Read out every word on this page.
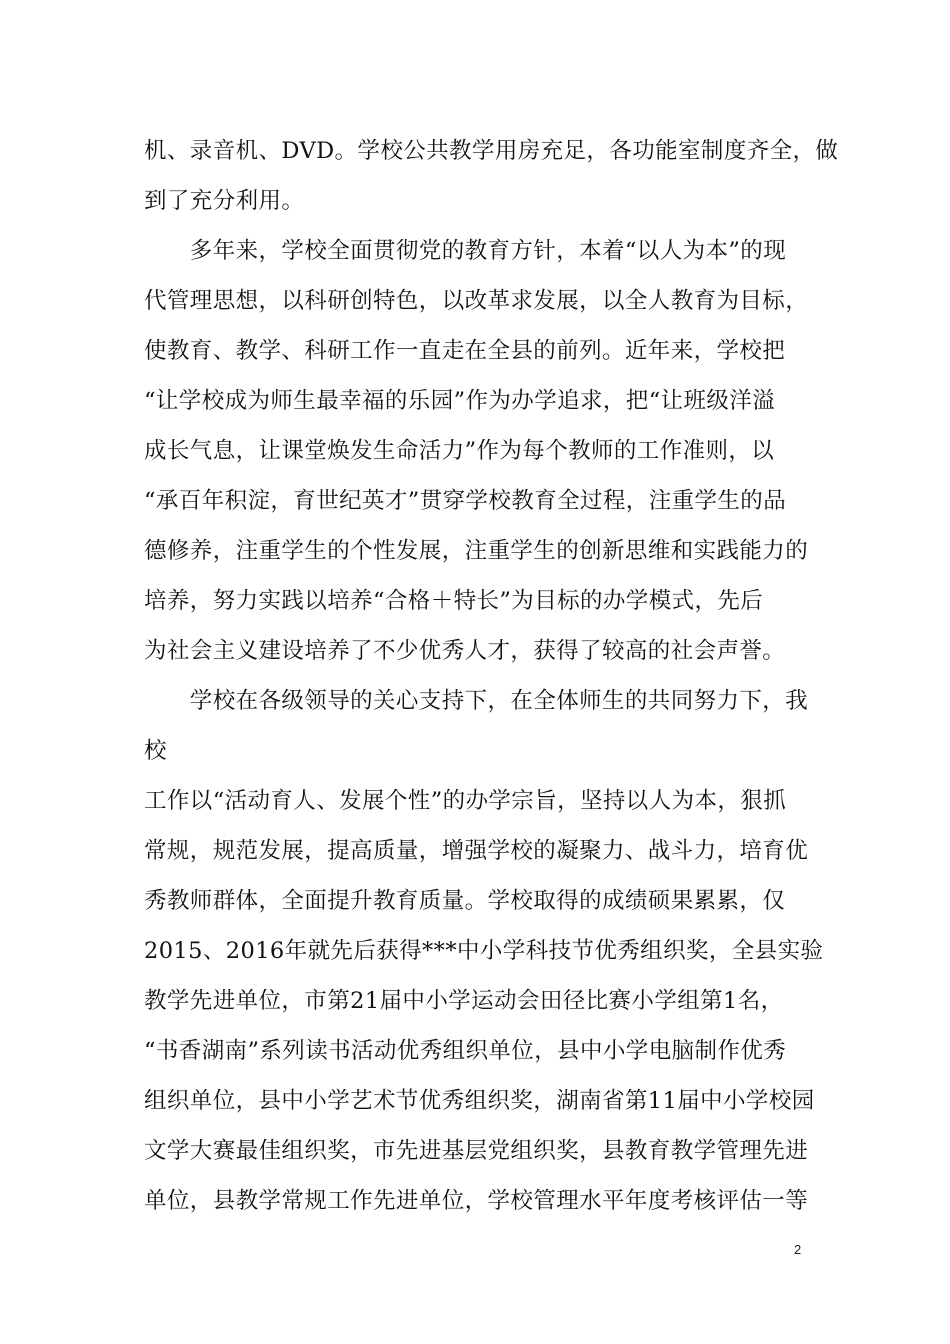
机、录音机、DVD。学校公共教学用房充足，各功能室制度齐全，做
到了充分利用。
　　多年来，学校全面贯彻党的教育方针，本着“以人为本”的现
代管理思想，以科研创特色，以改革求发展，以全人教育为目标，
使教育、教学、科研工作一直走在全县的前列。近年来，学校把
“让学校成为师生最幸福的乐园”作为办学追求，把“让班级洋溢
成长气息，让课堂焕发生命活力”作为每个教师的工作准则，以
“承百年积淀，育世纪英才”贯穿学校教育全过程，注重学生的品
德修养，注重学生的个性发展，注重学生的创新思维和实践能力的
培养，努力实践以培养“合格＋特长”为目标的办学模式，先后
为社会主义建设培养了不少优秀人才，获得了较高的社会声誉。
　　学校在各级领导的关心支持下，在全体师生的共同努力下，我
校
工作以“活动育人、发展个性”的办学宗旨，坚持以人为本，狠抓
常规，规范发展，提高质量，增强学校的凝聚力、战斗力，培育优
秀教师群体，全面提升教育质量。学校取得的成绩硕果累累，仅
2015、2016年就先后获得***中小学科技节优秀组织奖，全县实验
教学先进单位，市第21届中小学运动会田径比赛小学组第1名，
“书香湖南”系列读书活动优秀组织单位，县中小学电脑制作优秀
组织单位，县中小学艺术节优秀组织奖，湖南省第11届中小学校园
文学大赛最佳组织奖，市先进基层党组织奖，县教育教学管理先进
单位，县教学常规工作先进单位，学校管理水平年度考核评估一等
2
